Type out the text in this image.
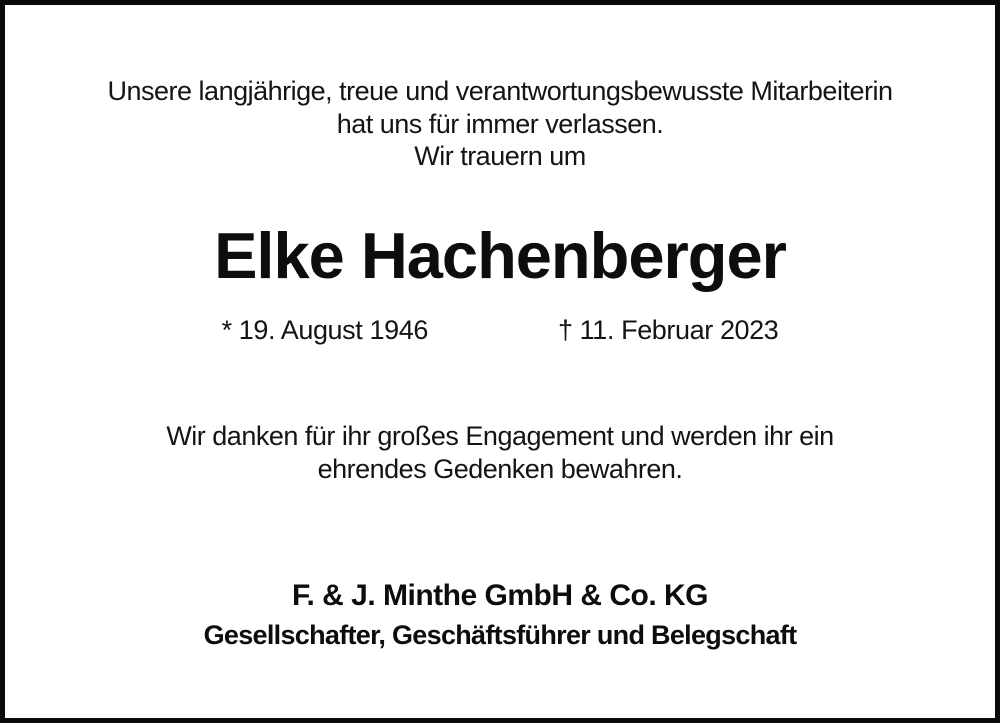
Unsere langjährige, treue und verantwortungsbewusste Mitarbeiterin
hat uns für immer verlassen.
Wir trauern um
Elke Hachenberger
* 19. August 1946	† 11. Februar 2023
Wir danken für ihr großes Engagement und werden ihr ein
ehrendes Gedenken bewahren.
F. & J. Minthe GmbH & Co. KG
Gesellschafter, Geschäftsführer und Belegschaft
